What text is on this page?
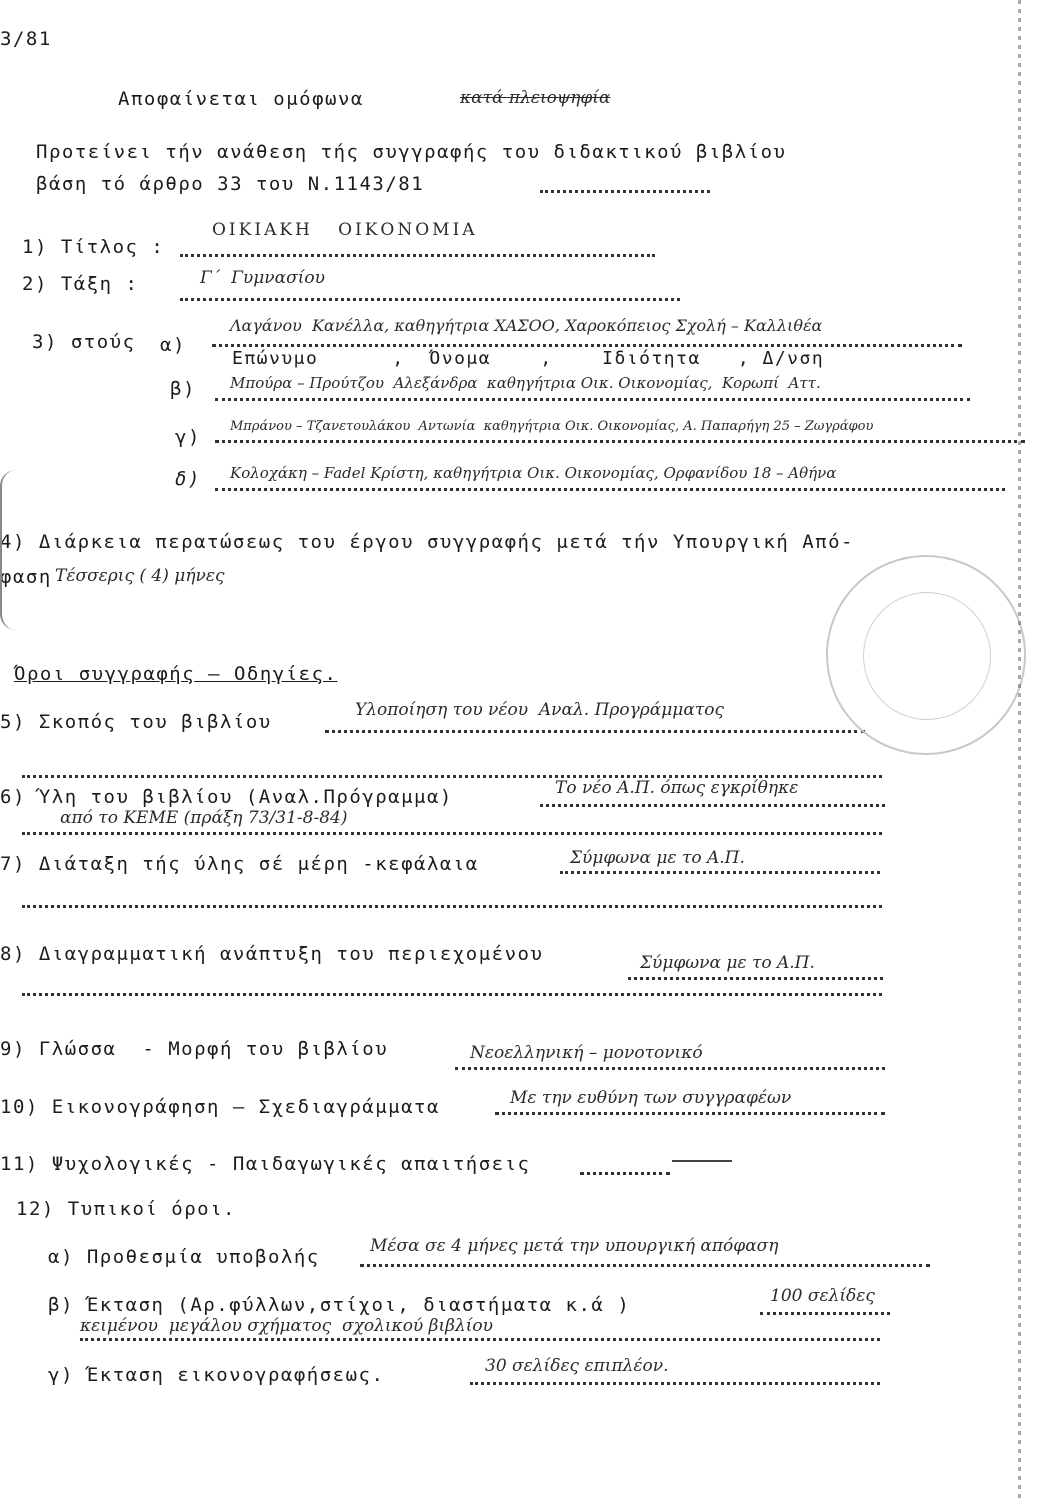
3/81
Αποφαίνεται ομόφωνα	κατά πλειοψηφία
Προτείνει τήν ανάθεση τής συγγραφής του διδακτικού βιβλίου
βάση τό άρθρο 33 του Ν.1143/81
1) Τίτλος :
ΟΙΚΙΑΚΗ   ΟΙΚΟΝΟΜΙΑ
2) Τάξη :	Γ΄  Γυμνασίου
3) στούς α)
Λαγάνου  Κανέλλα, καθηγήτρια ΧΑΣΟΟ, Χαροκόπειος Σχολή – Καλλιθέα
Επώνυμο      ,  Όνομα    ,    Ιδιότητα   , Δ/νση
β) Μπούρα – Προύτζου  Αλεξάνδρα  καθηγήτρια Οικ. Οικονομίας,  Κορωπί  Αττ.
γ) Μπράνου – Τζανετουλάκου  Αντωνία  καθηγήτρια Οικ. Οικονομίας, Α. Παπαρήγη 25 – Ζωγράφου
δ) Κολοχάκη – Fadel Κρίστη, καθηγήτρια Οικ. Οικονομίας, Ορφανίδου 18 – Αθήνα
4) Διάρκεια περατώσεως του έργου συγγραφής μετά τήν Υπουργική Από-
φαση Τέσσερις ( 4) μήνες
Όροι συγγραφής – Οδηγίες.
5) Σκοπός του βιβλίου
Υλοποίηση του νέου  Αναλ. Προγράμματος
6) Ύλη του βιβλίου (Αναλ.Πρόγραμμα)	Το νέο Α.Π. όπως εγκρίθηκε
από το ΚΕΜΕ (πράξη 73/31-8-84)
7) Διάταξη τής ύλης σέ μέρη -κεφάλαια	Σύμφωνα με το Α.Π.
8) Διαγραμματική ανάπτυξη του περιεχομένου	Σύμφωνα με το Α.Π.
9) Γλώσσα  - Μορφή του βιβλίου	Νεοελληνική – μονοτονικό
10) Εικονογράφηση – Σχεδιαγράμματα	Με την ευθύνη των συγγραφέων
11) Ψυχολογικές - Παιδαγωγικές απαιτήσεις
12) Τυπικοί όροι.
α) Προθεσμία υποβολής	Μέσα σε 4 μήνες μετά την υπουργική απόφαση
β) Έκταση (Αρ.φύλλων,στίχοι, διαστήματα κ.ά )	100 σελίδες
κειμένου  μεγάλου σχήματος  σχολικού βιβλίου
γ) Έκταση εικονογραφήσεως.	30 σελίδες επιπλέον.
